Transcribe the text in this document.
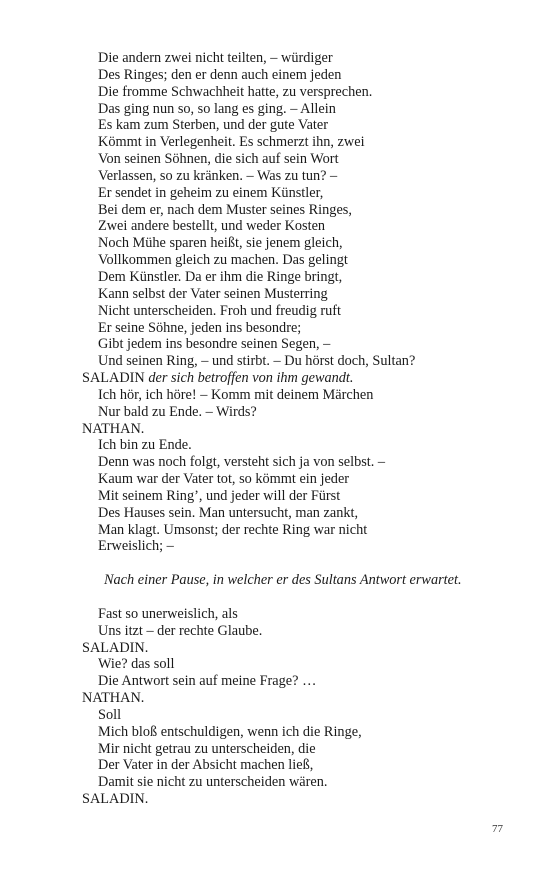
Die andern zwei nicht teilten, – würdiger
Des Ringes; den er denn auch einem jeden
Die fromme Schwachheit hatte, zu versprechen.
Das ging nun so, so lang es ging. – Allein
Es kam zum Sterben, und der gute Vater
Kömmt in Verlegenheit. Es schmerzt ihn, zwei
Von seinen Söhnen, die sich auf sein Wort
Verlassen, so zu kränken. – Was zu tun? –
Er sendet in geheim zu einem Künstler,
Bei dem er, nach dem Muster seines Ringes,
Zwei andere bestellt, und weder Kosten
Noch Mühe sparen heißt, sie jenem gleich,
Vollkommen gleich zu machen. Das gelingt
Dem Künstler. Da er ihm die Ringe bringt,
Kann selbst der Vater seinen Musterring
Nicht unterscheiden. Froh und freudig ruft
Er seine Söhne, jeden ins besondre;
Gibt jedem ins besondre seinen Segen, –
Und seinen Ring, – und stirbt. – Du hörst doch, Sultan?
SALADIN der sich betroffen von ihm gewandt.
Ich hör, ich höre! – Komm mit deinem Märchen
Nur bald zu Ende. – Wirds?
NATHAN.
Ich bin zu Ende.
Denn was noch folgt, versteht sich ja von selbst. –
Kaum war der Vater tot, so kömmt ein jeder
Mit seinem Ring’, und jeder will der Fürst
Des Hauses sein. Man untersucht, man zankt,
Man klagt. Umsonst; der rechte Ring war nicht
Erweislich; –
Nach einer Pause, in welcher er des Sultans Antwort erwartet.
Fast so unerweislich, als
Uns itzt – der rechte Glaube.
SALADIN.
Wie? das soll
Die Antwort sein auf meine Frage? …
NATHAN.
Soll
Mich bloß entschuldigen, wenn ich die Ringe,
Mir nicht getrau zu unterscheiden, die
Der Vater in der Absicht machen ließ,
Damit sie nicht zu unterscheiden wären.
SALADIN.
77
